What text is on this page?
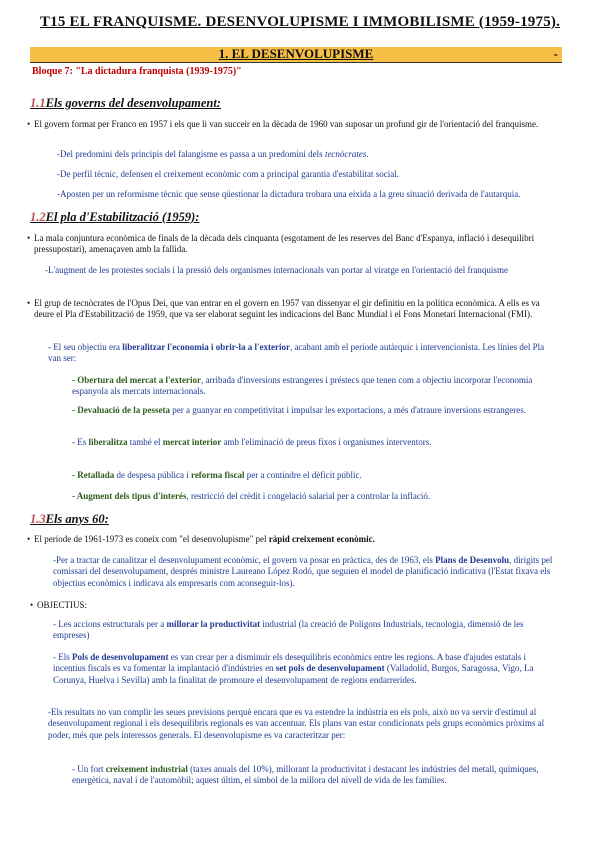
T15 EL FRANQUISME. DESENVOLUPISME I IMMOBILISME (1959-1975).
1. EL DESENVOLUPISME	-
Bloque 7: "La dictadura franquista (1939-1975)"
1.1Els governs del desenvolupament:
• El govern format per Franco en 1957 i els que li van succeir en la dècada de 1960 van suposar un profund gir de l'orientació del franquisme.
-Del predomini dels principis del falangisme es passa a un predomini dels tecnòcrates.
-De perfil tècnic, defensen el creixement econòmic com a principal garantia d'estabilitat social.
-Aposten per un reformisme tècnic que sense qüestionar la dictadura trobara una eixida a la greu situació derivada de l'autarquia.
1.2El pla d'Estabilització (1959):
• La mala conjuntura econòmica de finals de la dècada dels cinquanta (esgotament de les reserves del Banc d'Espanya, inflació i desequilibri pressupostari), amenaçaven amb la fallida.
-L'augment de les protestes socials i la pressió dels organismes internacionals van portar al viratge en l'orientació del franquisme
• El grup de tecnòcrates de l'Opus Dei, que van entrar en el govern en 1957 van dissenyar el gir definitiu en la política econòmica. A ells es va deure el Pla d'Estabilització de 1959, que va ser elaborat seguint les indicacions del Banc Mundial i el Fons Monetari Internacional (FMI).
- El seu objectiu era liberalitzar l'economia i obrir-la a l'exterior, acabant amb el període autàrquic i intervencionista. Les línies del Pla van ser:
- Obertura del mercat a l'exterior, arribada d'inversions estrangeres i préstecs que tenen com a objectiu incorporar l'economia espanyola als mercats internacionals.
- Devaluació de la pesseta per a guanyar en competitivitat i impulsar les exportacions, a més d'atraure inversions estrangeres.
- Es liberalitza també el mercat interior amb l'eliminació de preus fixos i organismes interventors.
- Retallada de despesa pública i reforma fiscal per a contindre el dèficit públic.
- Augment dels tipus d'interés, restricció del crèdit i congelació salarial per a controlar la inflació.
1.3Els anys 60:
• El període de 1961-1973 es coneix com "el desenvolupisme" pel ràpid creixement econòmic.
-Per a tractar de canalitzar el desenvolupament econòmic, el govern va posar en pràctica, des de 1963, els Plans de Desenvolu, dirigits pel comissari del desenvolupament, després ministre Laureano López Rodó, que seguien el model de planificació indicativa (l'Estat fixava els objectius econòmics i indicava als empresaris com aconseguir-los).
• OBJECTIUS:
- Les accions estructurals per a millorar la productivitat industrial (la creació de Polígons Industrials, tecnologia, dimensió de les empreses)
- Els Pols de desenvolupament es van crear per a disminuir els desequilibris econòmics entre les regions. A base d'ajudes estatals i incentius fiscals es va fomentar la implantació d'indústries en set pols de desenvolupament (Valladolid, Burgos, Saragossa, Vigo, La Corunya, Huelva i Sevilla) amb la finalitat de promoure el desenvolupament de regions endarrerides.
-Els resultats no van complir les seues previsions perquè encara que es va estendre la indústria en els pols, això no va servir d'estímul al desenvolupament regional i els desequilibris regionals es van accentuar. Els plans van estar condicionats pels grups econòmics pròxims al poder, més que pels interessos generals. El desenvolupisme es va caracteritzar per:
- Un fort creixement industrial (taxes anuals del 10%), millorant la productivitat i destacant les indústries del metall, químiques, energètica, naval i de l'automòbil; aquest últim, el símbol de la millora del nivell de vida de les famílies.
